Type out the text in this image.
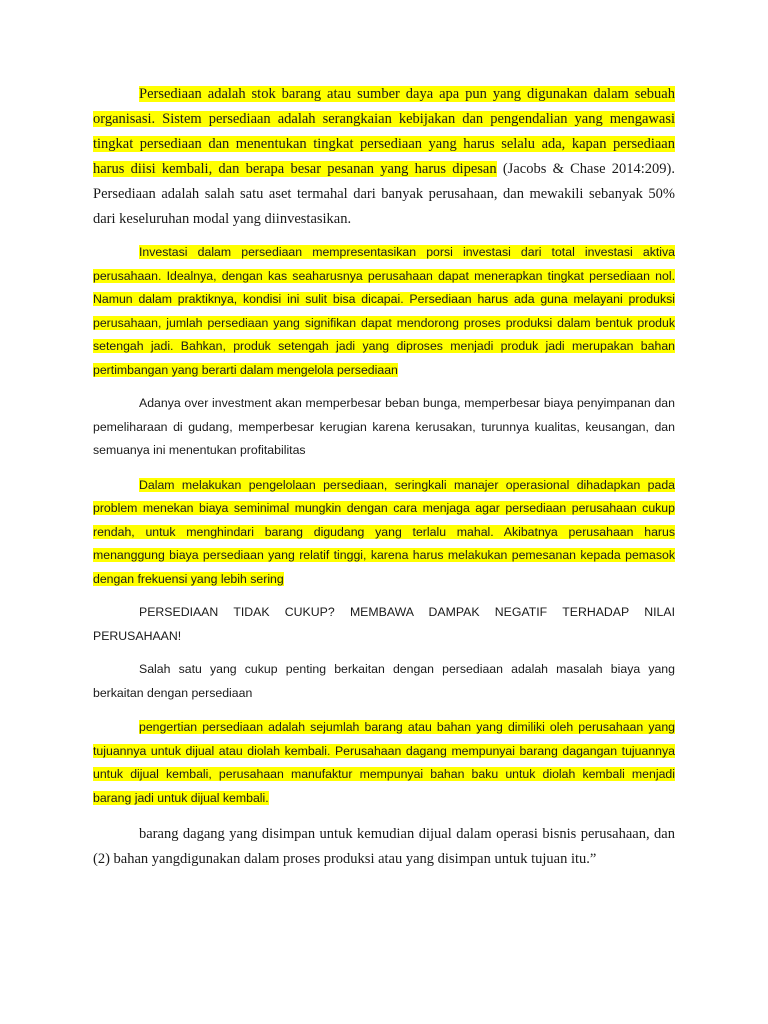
Persediaan adalah stok barang atau sumber daya apa pun yang digunakan dalam sebuah organisasi. Sistem persediaan adalah serangkaian kebijakan dan pengendalian yang mengawasi tingkat persediaan dan menentukan tingkat persediaan yang harus selalu ada, kapan persediaan harus diisi kembali, dan berapa besar pesanan yang harus dipesan (Jacobs & Chase 2014:209). Persediaan adalah salah satu aset termahal dari banyak perusahaan, dan mewakili sebanyak 50% dari keseluruhan modal yang diinvestasikan.

Investasi dalam persediaan mempresentasikan porsi investasi dari total investasi aktiva perusahaan. Idealnya, dengan kas seaharusnya perusahaan dapat menerapkan tingkat persediaan nol. Namun dalam praktiknya, kondisi ini sulit bisa dicapai. Persediaan harus ada guna melayani produksi perusahaan, jumlah persediaan yang signifikan dapat mendorong proses produksi dalam bentuk produk setengah jadi. Bahkan, produk setengah jadi yang diproses menjadi produk jadi merupakan bahan pertimbangan yang berarti dalam mengelola persediaan

Adanya over investment akan memperbesar beban bunga, memperbesar biaya penyimpanan dan pemeliharaan di gudang, memperbesar kerugian karena kerusakan, turunnya kualitas, keusangan, dan semuanya ini menentukan profitabilitas

Dalam melakukan pengelolaan persediaan, seringkali manajer operasional dihadapkan pada problem menekan biaya seminimal mungkin dengan cara menjaga agar persediaan perusahaan cukup rendah, untuk menghindari barang digudang yang terlalu mahal. Akibatnya perusahaan harus menanggung biaya persediaan yang relatif tinggi, karena harus melakukan pemesanan kepada pemasok dengan frekuensi yang lebih sering

PERSEDIAAN TIDAK CUKUP? MEMBAWA DAMPAK NEGATIF TERHADAP NILAI PERUSAHAAN!

Salah satu yang cukup penting berkaitan dengan persediaan adalah masalah biaya yang berkaitan dengan persediaan

pengertian persediaan adalah sejumlah barang atau bahan yang dimiliki oleh perusahaan yang tujuannya untuk dijual atau diolah kembali. Perusahaan dagang mempunyai barang dagangan tujuannya untuk dijual kembali, perusahaan manufaktur mempunyai bahan baku untuk diolah kembali menjadi barang jadi untuk dijual kembali.

barang dagang yang disimpan untuk kemudian dijual dalam operasi bisnis perusahaan, dan (2) bahan yangdigunakan dalam proses produksi atau yang disimpan untuk tujuan itu.”
